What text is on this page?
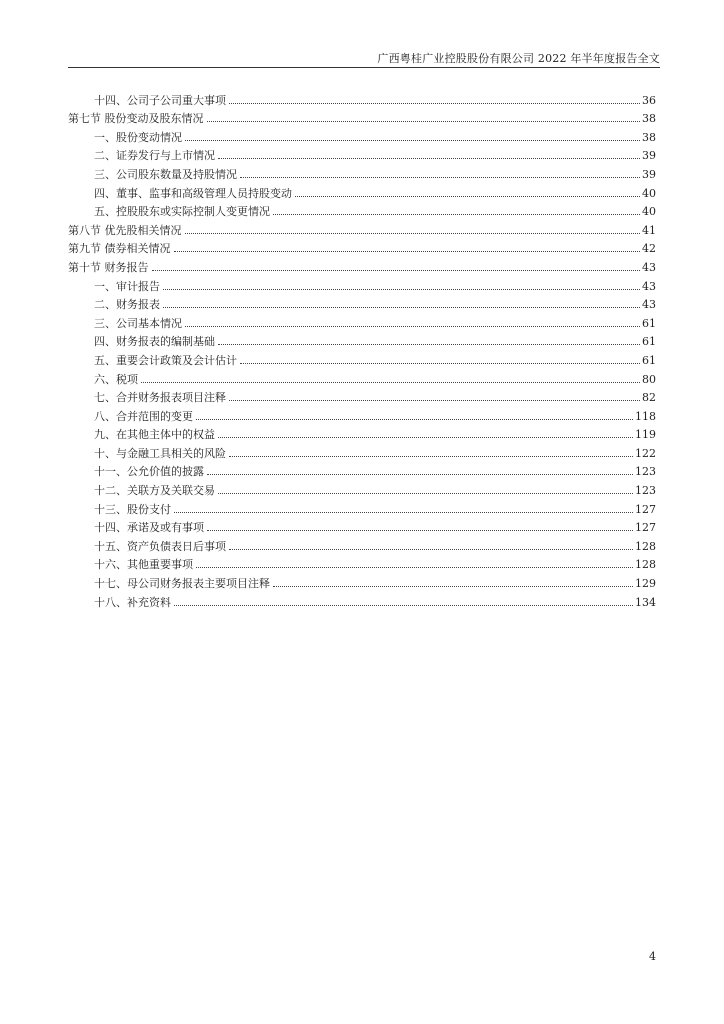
广西粤桂广业控股股份有限公司 2022 年半年度报告全文
十四、公司子公司重大事项	36
第七节 股份变动及股东情况	38
一、股份变动情况	38
二、证券发行与上市情况	39
三、公司股东数量及持股情况	39
四、董事、监事和高级管理人员持股变动	40
五、控股股东或实际控制人变更情况	40
第八节 优先股相关情况	41
第九节 债券相关情况	42
第十节 财务报告	43
一、审计报告	43
二、财务报表	43
三、公司基本情况	61
四、财务报表的编制基础	61
五、重要会计政策及会计估计	61
六、税项	80
七、合并财务报表项目注释	82
八、合并范围的变更	118
九、在其他主体中的权益	119
十、与金融工具相关的风险	122
十一、公允价值的披露	123
十二、关联方及关联交易	123
十三、股份支付	127
十四、承诺及或有事项	127
十五、资产负债表日后事项	128
十六、其他重要事项	128
十七、母公司财务报表主要项目注释	129
十八、补充资料	134
4
